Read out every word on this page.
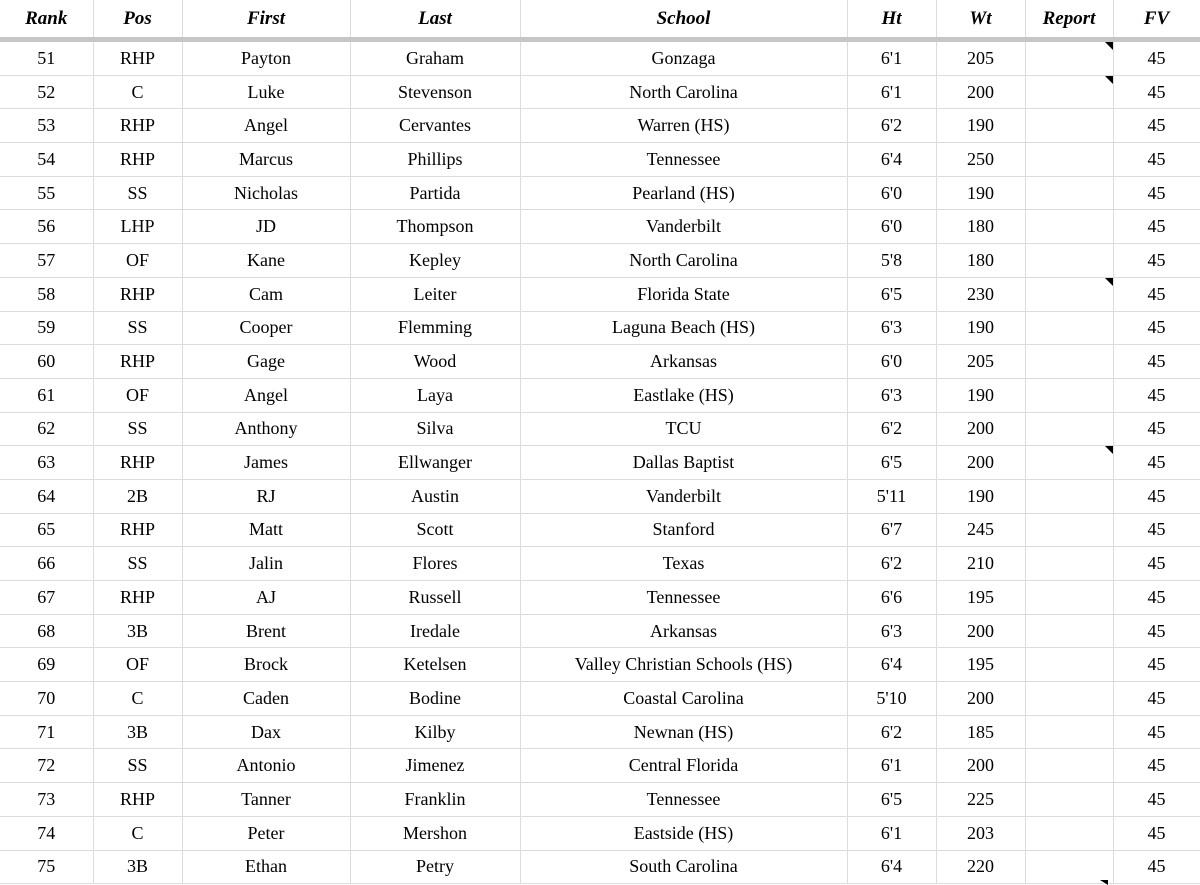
Rank	Pos	First	Last	School	Ht	Wt	Report	FV
51	RHP	Payton	Graham	Gonzaga	6'1	205		45
52	C	Luke	Stevenson	North Carolina	6'1	200		45
53	RHP	Angel	Cervantes	Warren (HS)	6'2	190		45
54	RHP	Marcus	Phillips	Tennessee	6'4	250		45
55	SS	Nicholas	Partida	Pearland (HS)	6'0	190		45
56	LHP	JD	Thompson	Vanderbilt	6'0	180		45
57	OF	Kane	Kepley	North Carolina	5'8	180		45
58	RHP	Cam	Leiter	Florida State	6'5	230		45
59	SS	Cooper	Flemming	Laguna Beach (HS)	6'3	190		45
60	RHP	Gage	Wood	Arkansas	6'0	205		45
61	OF	Angel	Laya	Eastlake (HS)	6'3	190		45
62	SS	Anthony	Silva	TCU	6'2	200		45
63	RHP	James	Ellwanger	Dallas Baptist	6'5	200		45
64	2B	RJ	Austin	Vanderbilt	5'11	190		45
65	RHP	Matt	Scott	Stanford	6'7	245		45
66	SS	Jalin	Flores	Texas	6'2	210		45
67	RHP	AJ	Russell	Tennessee	6'6	195		45
68	3B	Brent	Iredale	Arkansas	6'3	200		45
69	OF	Brock	Ketelsen	Valley Christian Schools (HS)	6'4	195		45
70	C	Caden	Bodine	Coastal Carolina	5'10	200		45
71	3B	Dax	Kilby	Newnan (HS)	6'2	185		45
72	SS	Antonio	Jimenez	Central Florida	6'1	200		45
73	RHP	Tanner	Franklin	Tennessee	6'5	225		45
74	C	Peter	Mershon	Eastside (HS)	6'1	203		45
75	3B	Ethan	Petry	South Carolina	6'4	220		45
